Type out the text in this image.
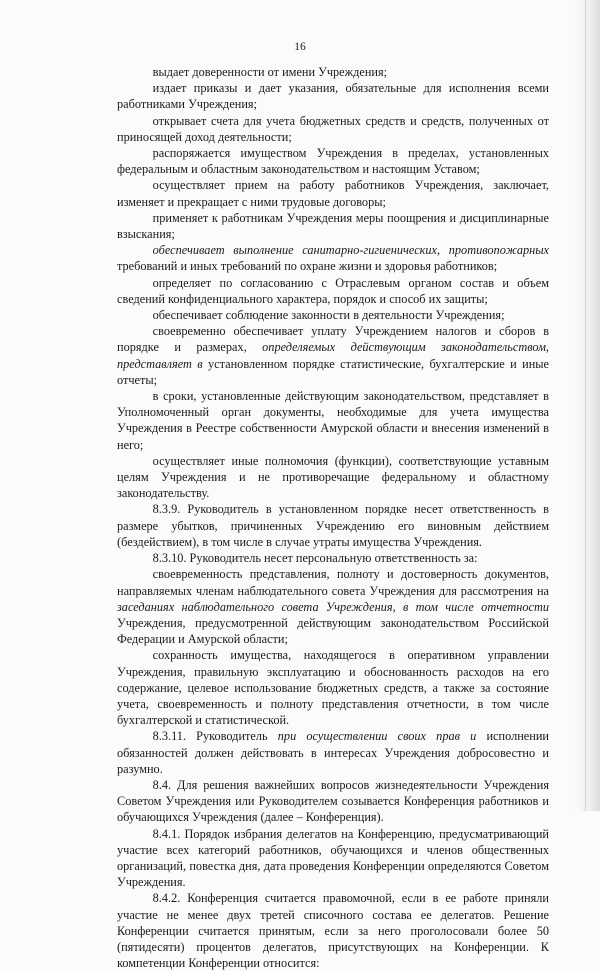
16

выдает доверенности от имени Учреждения;

издает приказы и дает указания, обязательные для исполнения всеми работниками Учреждения;

открывает счета для учета бюджетных средств и средств, полученных от приносящей доход деятельности;

распоряжается имуществом Учреждения в пределах, установленных федеральным и областным законодательством и настоящим Уставом;

осуществляет прием на работу работников Учреждения, заключает, изменяет и прекращает с ними трудовые договоры;

применяет к работникам Учреждения меры поощрения и дисциплинарные взыскания;

обеспечивает выполнение санитарно-гигиенических, противопожарных требований и иных требований по охране жизни и здоровья работников;

определяет по согласованию с Отраслевым органом состав и объем сведений конфиденциального характера, порядок и способ их защиты;

обеспечивает соблюдение законности в деятельности Учреждения;

своевременно обеспечивает уплату Учреждением налогов и сборов в порядке и размерах, определяемых действующим законодательством, представляет в установленном порядке статистические, бухгалтерские и иные отчеты;

в сроки, установленные действующим законодательством, представляет в Уполномоченный орган документы, необходимые для учета имущества Учреждения в Реестре собственности Амурской области и внесения изменений в него;

осуществляет иные полномочия (функции), соответствующие уставным целям Учреждения и не противоречащие федеральному и областному законодательству.

8.3.9. Руководитель в установленном порядке несет ответственность в размере убытков, причиненных Учреждению его виновным действием (бездействием), в том числе в случае утраты имущества Учреждения.

8.3.10. Руководитель несет персональную ответственность за:

своевременность представления, полноту и достоверность документов, направляемых членам наблюдательного совета Учреждения для рассмотрения на заседаниях наблюдательного совета Учреждения, в том числе отчетности Учреждения, предусмотренной действующим законодательством Российской Федерации и Амурской области;

сохранность имущества, находящегося в оперативном управлении Учреждения, правильную эксплуатацию и обоснованность расходов на его содержание, целевое использование бюджетных средств, а также за состояние учета, своевременность и полноту представления отчетности, в том числе бухгалтерской и статистической.

8.3.11. Руководитель при осуществлении своих прав и исполнении обязанностей должен действовать в интересах Учреждения добросовестно и разумно.

8.4. Для решения важнейших вопросов жизнедеятельности Учреждения Советом Учреждения или Руководителем созывается Конференция работников и обучающихся Учреждения (далее – Конференция).

8.4.1. Порядок избрания делегатов на Конференцию, предусматривающий участие всех категорий работников, обучающихся и членов общественных организаций, повестка дня, дата проведения Конференции определяются Советом Учреждения.

8.4.2. Конференция считается правомочной, если в ее работе приняли участие не менее двух третей списочного состава ее делегатов. Решение Конференции считается принятым, если за него проголосовали более 50 (пятидесяти) процентов делегатов, присутствующих на Конференции. К компетенции Конференции относится:
